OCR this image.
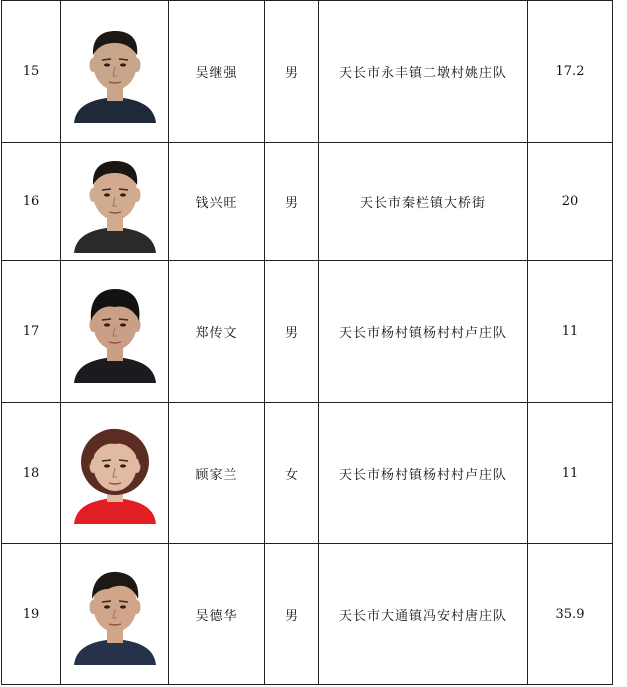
15		吴继强	男	天长市永丰镇二墩村姚庄队	17.2
16		钱兴旺	男	天长市秦栏镇大桥街	20
17		郑传文	男	天长市杨村镇杨村村卢庄队	11
18		顾家兰	女	天长市杨村镇杨村村卢庄队	11
19		吴德华	男	天长市大通镇冯安村唐庄队	35.9
